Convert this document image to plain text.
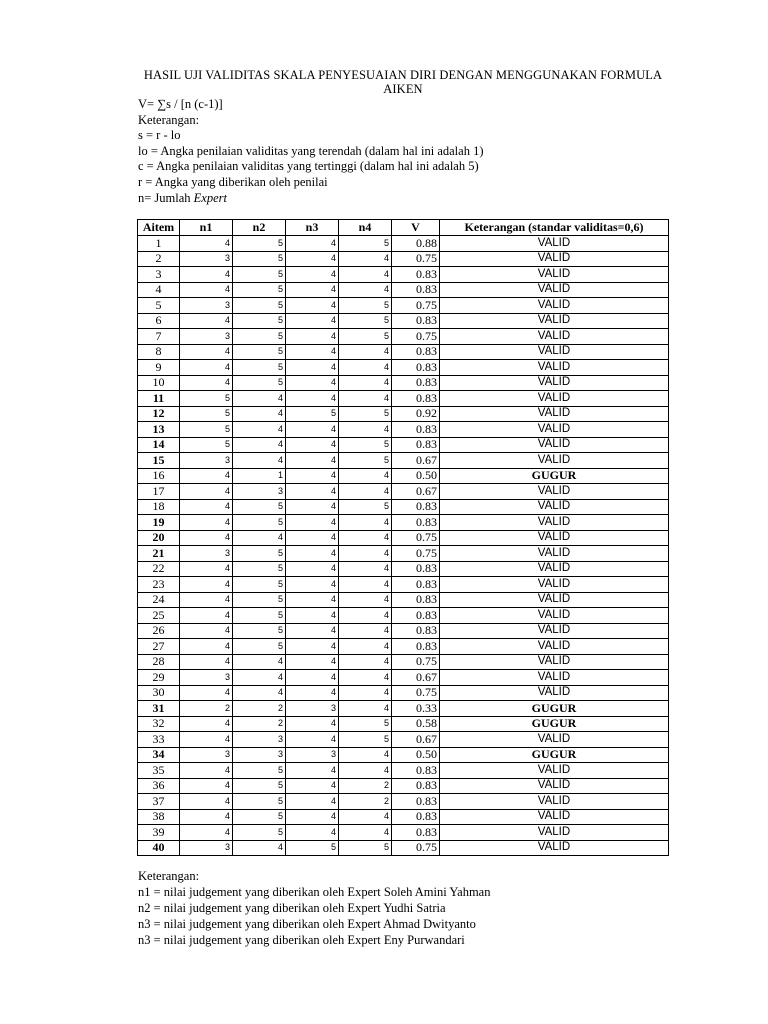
HASIL UJI VALIDITAS SKALA PENYESUAIAN DIRI DENGAN MENGGUNAKAN FORMULA AIKEN
V= ∑s / [n (c-1)]
Keterangan:
s = r - lo
lo = Angka penilaian validitas yang terendah (dalam hal ini adalah 1)
c = Angka penilaian validitas yang tertinggi (dalam hal ini adalah 5)
r = Angka yang diberikan oleh penilai
n= Jumlah Expert
Aitem	n1	n2	n3	n4	V	Keterangan (standar validitas=0,6)
1	4	5	4	5	0.88	VALID
2	3	5	4	4	0.75	VALID
3	4	5	4	4	0.83	VALID
4	4	5	4	4	0.83	VALID
5	3	5	4	5	0.75	VALID
6	4	5	4	5	0.83	VALID
7	3	5	4	5	0.75	VALID
8	4	5	4	4	0.83	VALID
9	4	5	4	4	0.83	VALID
10	4	5	4	4	0.83	VALID
11	5	4	4	4	0.83	VALID
12	5	4	5	5	0.92	VALID
13	5	4	4	4	0.83	VALID
14	5	4	4	5	0.83	VALID
15	3	4	4	5	0.67	VALID
16	4	1	4	4	0.50	GUGUR
17	4	3	4	4	0.67	VALID
18	4	5	4	5	0.83	VALID
19	4	5	4	4	0.83	VALID
20	4	4	4	4	0.75	VALID
21	3	5	4	4	0.75	VALID
22	4	5	4	4	0.83	VALID
23	4	5	4	4	0.83	VALID
24	4	5	4	4	0.83	VALID
25	4	5	4	4	0.83	VALID
26	4	5	4	4	0.83	VALID
27	4	5	4	4	0.83	VALID
28	4	4	4	4	0.75	VALID
29	3	4	4	4	0.67	VALID
30	4	4	4	4	0.75	VALID
31	2	2	3	4	0.33	GUGUR
32	4	2	4	5	0.58	GUGUR
33	4	3	4	5	0.67	VALID
34	3	3	3	4	0.50	GUGUR
35	4	5	4	4	0.83	VALID
36	4	5	4	2	0.83	VALID
37	4	5	4	2	0.83	VALID
38	4	5	4	4	0.83	VALID
39	4	5	4	4	0.83	VALID
40	3	4	5	5	0.75	VALID
Keterangan:
n1 = nilai judgement yang diberikan oleh Expert Soleh Amini Yahman
n2 = nilai judgement yang diberikan oleh Expert Yudhi Satria
n3 = nilai judgement yang diberikan oleh Expert Ahmad Dwityanto
n3 = nilai judgement yang diberikan oleh Expert Eny Purwandari
